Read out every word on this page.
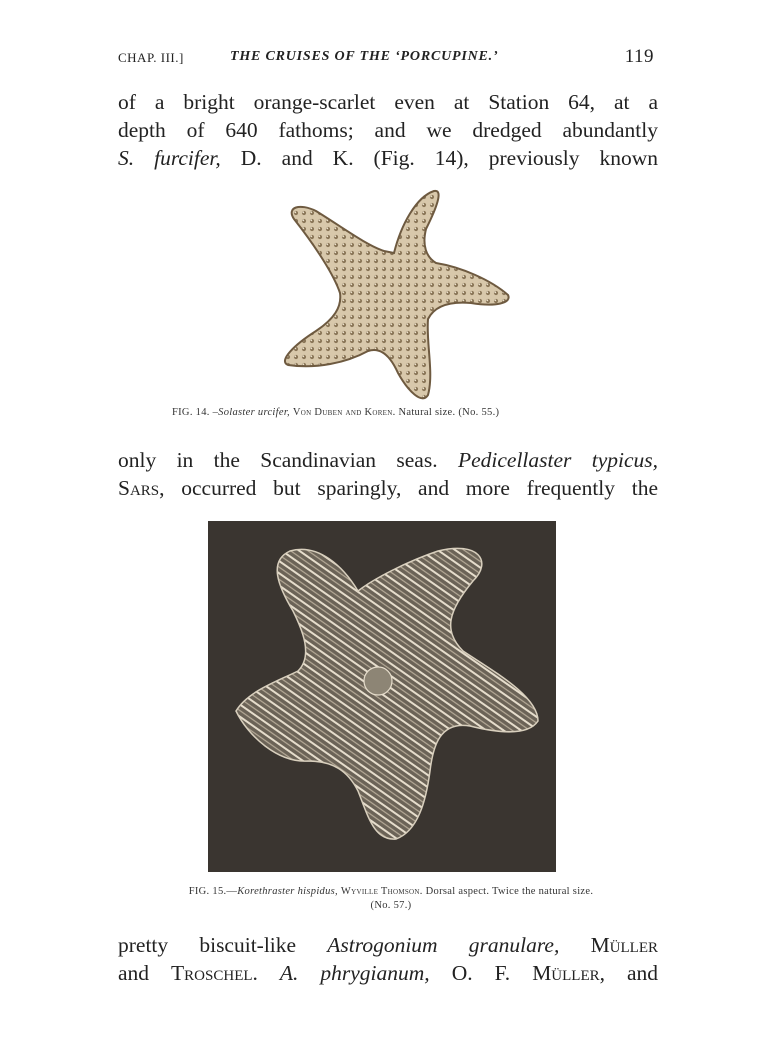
CHAP. III.]	THE CRUISES OF THE ‘PORCUPINE.’	119
of a bright orange-scarlet even at Station 64, at a
depth of 640 fathoms; and we dredged abundantly
S. furcifer, D. and K. (Fig. 14), previously known
FIG. 14. –Solaster urcifer, Von Duben and Koren. Natural size. (No. 55.)
only in the Scandinavian seas. Pedicellaster typicus,
Sars, occurred but sparingly, and more frequently the
FIG. 15.—Korethraster hispidus, Wyville Thomson. Dorsal aspect. Twice the natural size.
(No. 57.)
pretty biscuit-like Astrogonium granulare, Müller
and Troschel. A. phrygianum, O. F. Müller, and
